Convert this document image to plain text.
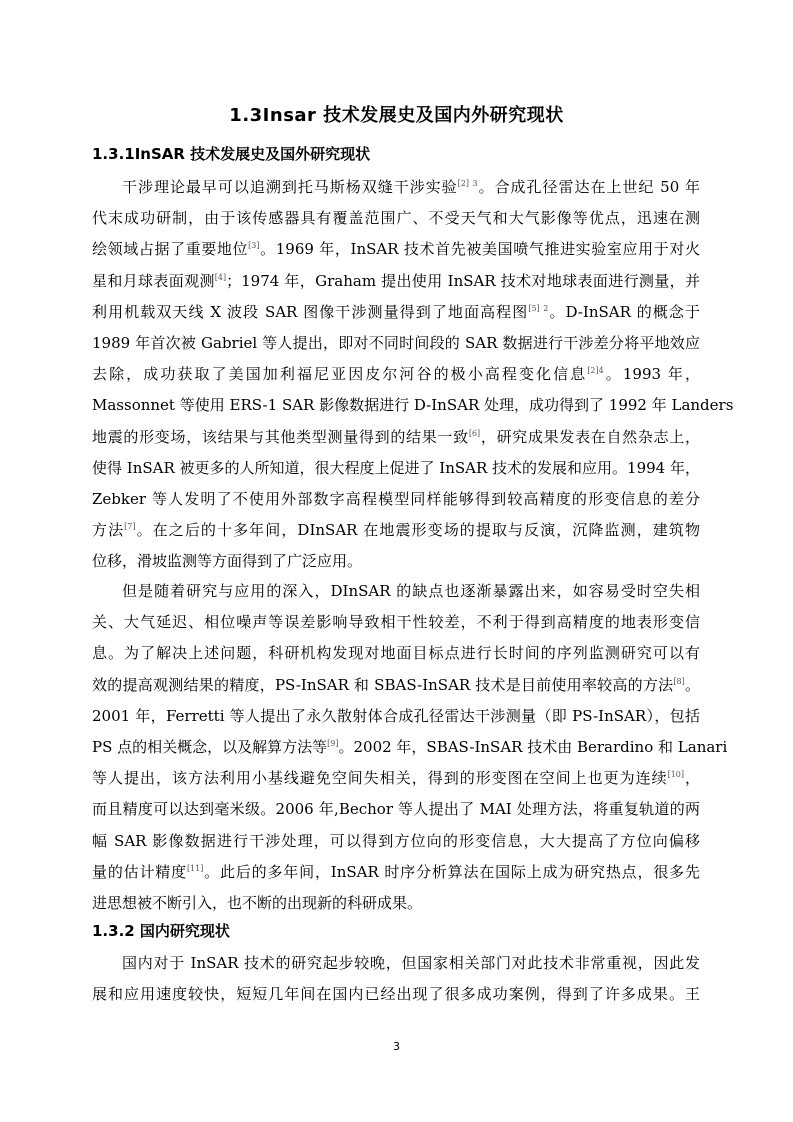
1.3Insar 技术发展史及国内外研究现状
1.3.1InSAR 技术发展史及国外研究现状
干涉理论最早可以追溯到托马斯杨双缝干涉实验$^{[2] 3}$。合成孔径雷达在上世纪 50 年
代末成功研制，由于该传感器具有覆盖范围广、不受天气和大气影像等优点，迅速在测
绘领域占据了重要地位[3]。1969 年，InSAR 技术首先被美国喷气推进实验室应用于对火
星和月球表面观测[4]；1974 年，Graham 提出使用 InSAR 技术对地球表面进行测量，并
利用机载双天线 X 波段 SAR 图像干涉测量得到了地面高程图$^{[5] 2}$。D-InSAR 的概念于
1989 年首次被 Gabriel 等人提出，即对不同时间段的 SAR 数据进行干涉差分将平地效应
去除，成功获取了美国加利福尼亚因皮尔河谷的极小高程变化信息$^{[2]4}$。1993 年，
Massonnet 等使用 ERS-1 SAR 影像数据进行 D-InSAR 处理，成功得到了 1992 年 Landers
地震的形变场，该结果与其他类型测量得到的结果一致[6]，研究成果发表在自然杂志上，
使得 InSAR 被更多的人所知道，很大程度上促进了 InSAR 技术的发展和应用。1994 年，
Zebker 等人发明了不使用外部数字高程模型同样能够得到较高精度的形变信息的差分
方法[7]。在之后的十多年间，DInSAR 在地震形变场的提取与反演，沉降监测，建筑物
位移，滑坡监测等方面得到了广泛应用。
但是随着研究与应用的深入，DInSAR 的缺点也逐渐暴露出来，如容易受时空失相
关、大气延迟、相位噪声等误差影响导致相干性较差，不利于得到高精度的地表形变信
息。为了解决上述问题，科研机构发现对地面目标点进行长时间的序列监测研究可以有
效的提高观测结果的精度，PS-InSAR 和 SBAS-InSAR 技术是目前使用率较高的方法[8]。
2001 年，Ferretti 等人提出了永久散射体合成孔径雷达干涉测量（即 PS-InSAR），包括
PS 点的相关概念，以及解算方法等[9]。2002 年，SBAS-InSAR 技术由 Berardino 和 Lanari
等人提出，该方法利用小基线避免空间失相关，得到的形变图在空间上也更为连续[10]，
而且精度可以达到毫米级。2006 年,Bechor 等人提出了 MAI 处理方法，将重复轨道的两
幅 SAR 影像数据进行干涉处理，可以得到方位向的形变信息，大大提高了方位向偏移
量的估计精度[11]。此后的多年间，InSAR 时序分析算法在国际上成为研究热点，很多先
进思想被不断引入，也不断的出现新的科研成果。
1.3.2 国内研究现状
国内对于 InSAR 技术的研究起步较晚，但国家相关部门对此技术非常重视，因此发
展和应用速度较快，短短几年间在国内已经出现了很多成功案例，得到了许多成果。王
3
